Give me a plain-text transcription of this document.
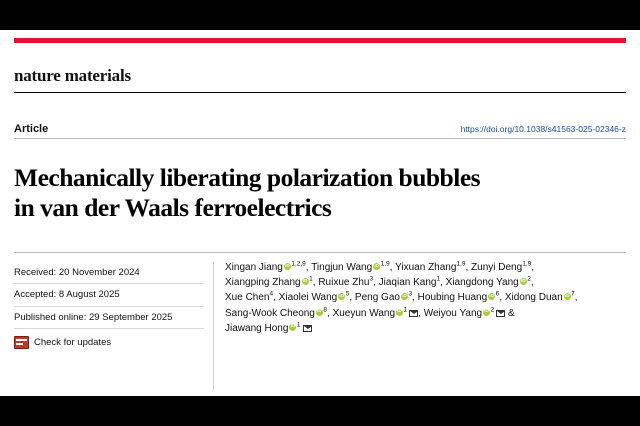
nature materials
Article	https://doi.org/10.1038/s41563-025-02346-z
Mechanically liberating polarization bubbles
in van der Waals ferroelectrics
Received: 20 November 2024
Accepted: 8 August 2025
Published online: 29 September 2025
Check for updates
Xingan Jiang iD $^{1,2,9}$, Tingjun Wang iD $^{1,9}$, Yixuan Zhang$^{1,9}$, Zunyi Deng$^{1,9}$,
Xiangping Zhang iD $^1$, Ruixue Zhu$^3$, Jiaqian Kang$^1$, Xiangdong Yang iD $^2$,
Xue Chen$^4$, Xiaolei Wang iD $^5$, Peng Gao iD $^3$, Houbing Huang iD $^6$, Xidong Duan iD $^7$,
Sang-Wook Cheong iD $^8$, Xueyun Wang iD $^1$ , Weiyou Yang iD $^2$ &
Jiawang Hong iD $^1$
